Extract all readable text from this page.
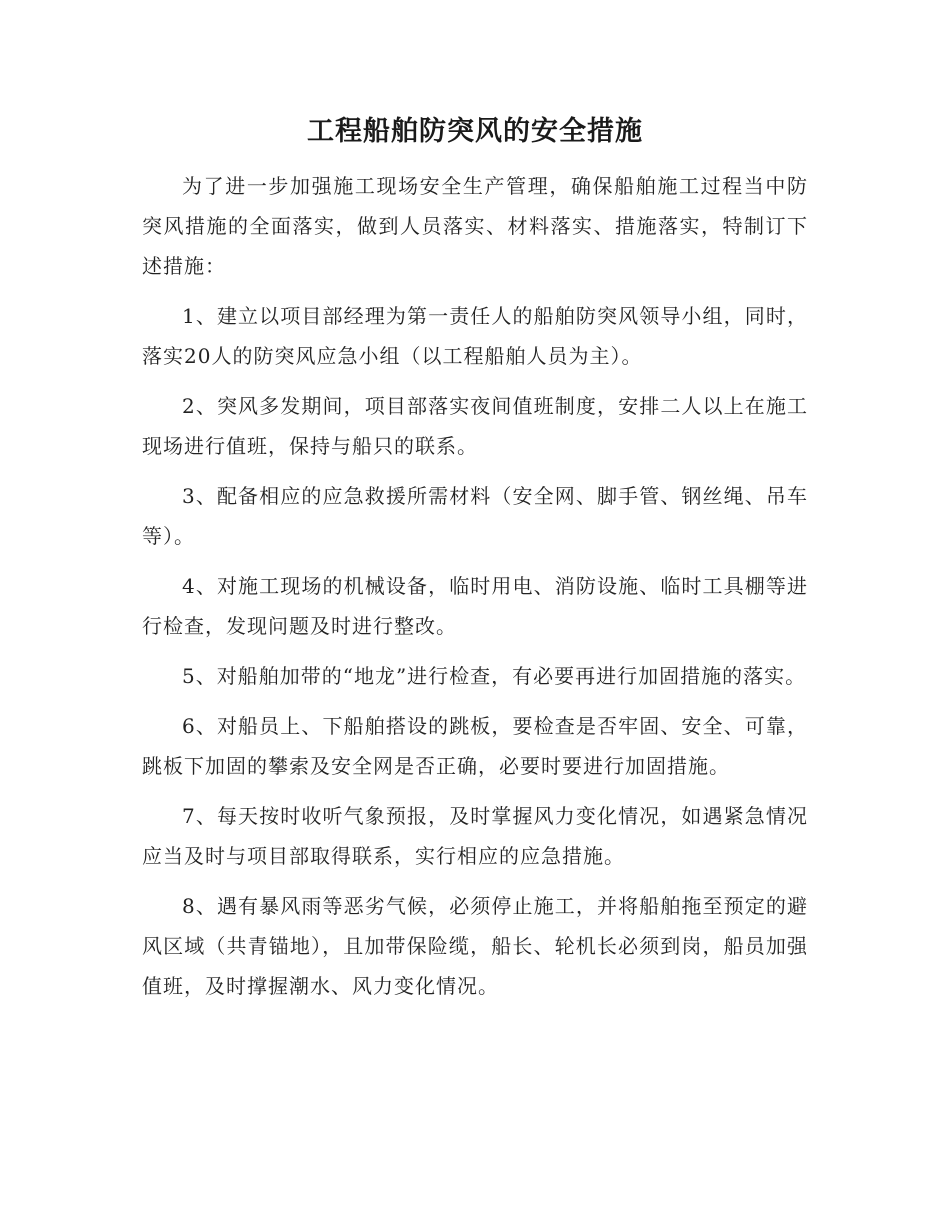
工程船舶防突风的安全措施

为了进一步加强施工现场安全生产管理，确保船舶施工过程当中防突风措施的全面落实，做到人员落实、材料落实、措施落实，特制订下述措施：

1、建立以项目部经理为第一责任人的船舶防突风领导小组，同时，落实20人的防突风应急小组（以工程船舶人员为主）。

2、突风多发期间，项目部落实夜间值班制度，安排二人以上在施工现场进行值班，保持与船只的联系。

3、配备相应的应急救援所需材料（安全网、脚手管、钢丝绳、吊车等）。

4、对施工现场的机械设备，临时用电、消防设施、临时工具棚等进行检查，发现问题及时进行整改。

5、对船舶加带的“地龙”进行检查，有必要再进行加固措施的落实。

6、对船员上、下船舶搭设的跳板，要检查是否牢固、安全、可靠，跳板下加固的攀索及安全网是否正确，必要时要进行加固措施。

7、每天按时收听气象预报，及时掌握风力变化情况，如遇紧急情况应当及时与项目部取得联系，实行相应的应急措施。

8、遇有暴风雨等恶劣气候，必须停止施工，并将船舶拖至预定的避风区域（共青锚地），且加带保险缆，船长、轮机长必须到岗，船员加强值班，及时撑握潮水、风力变化情况。
